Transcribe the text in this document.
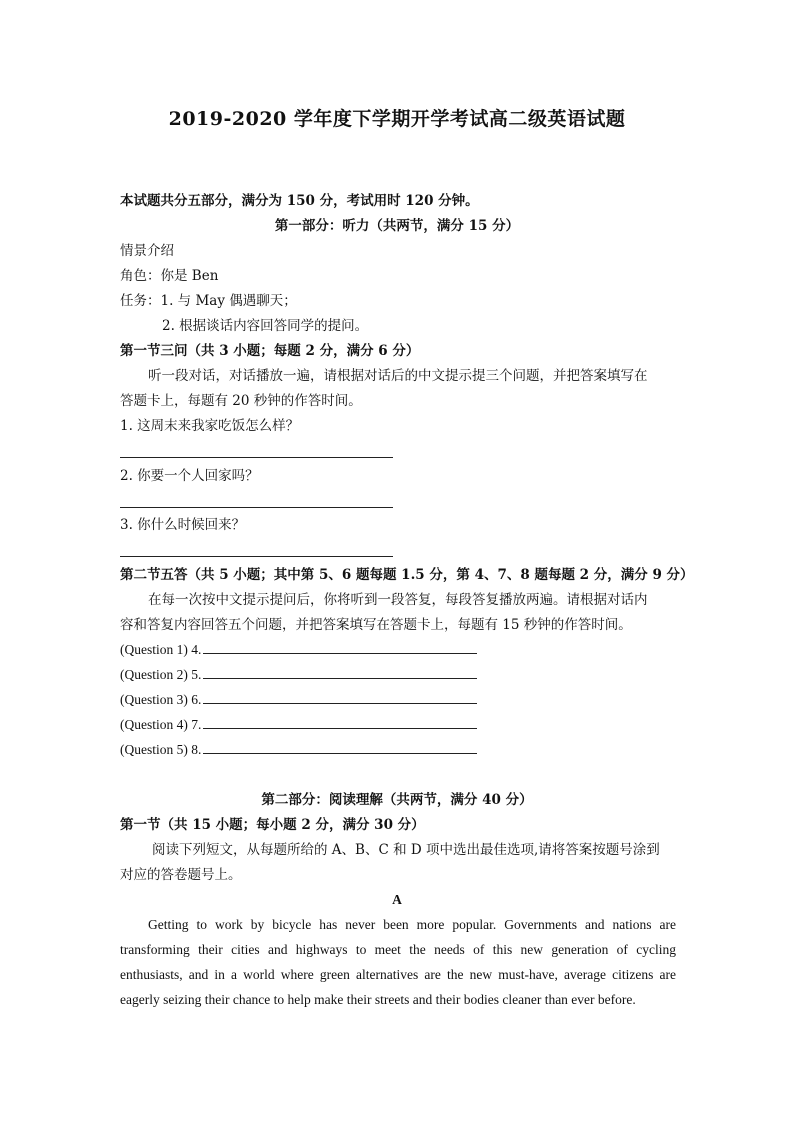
2019-2020 学年度下学期开学考试高二级英语试题
本试题共分五部分，满分为 150 分，考试用时 120 分钟。
第一部分：听力（共两节，满分 15 分）
情景介绍
角色：你是 Ben
任务：1. 与 May 偶遇聊天；
2. 根据谈话内容回答同学的提问。
第一节三问（共 3 小题；每题 2 分，满分 6 分）
听一段对话，对话播放一遍，请根据对话后的中文提示提三个问题，并把答案填写在
答题卡上，每题有 20 秒钟的作答时间。
1. 这周末来我家吃饭怎么样？
2. 你要一个人回家吗？
3. 你什么时候回来？
第二节五答（共 5 小题；其中第 5、6 题每题 1.5 分，第 4、7、8 题每题 2 分，满分 9 分）
在每一次按中文提示提问后，你将听到一段答复，每段答复播放两遍。请根据对话内
容和答复内容回答五个问题，并把答案填写在答题卡上，每题有 15 秒钟的作答时间。
(Question 1) 4.
(Question 2) 5.
(Question 3) 6.
(Question 4) 7.
(Question 5) 8.
第二部分：阅读理解（共两节，满分 40 分）
第一节（共 15 小题；每小题 2 分，满分 30 分）
阅读下列短文，从每题所给的 A、B、C 和 D 项中选出最佳选项,请将答案按题号涂到
对应的答卷题号上。
A
Getting to work by bicycle has never been more popular. Governments and nations are
transforming their cities and highways to meet the needs of this new generation of cycling
enthusiasts, and in a world where green alternatives are the new must-have, average citizens are
eagerly seizing their chance to help make their streets and their bodies cleaner than ever before.
